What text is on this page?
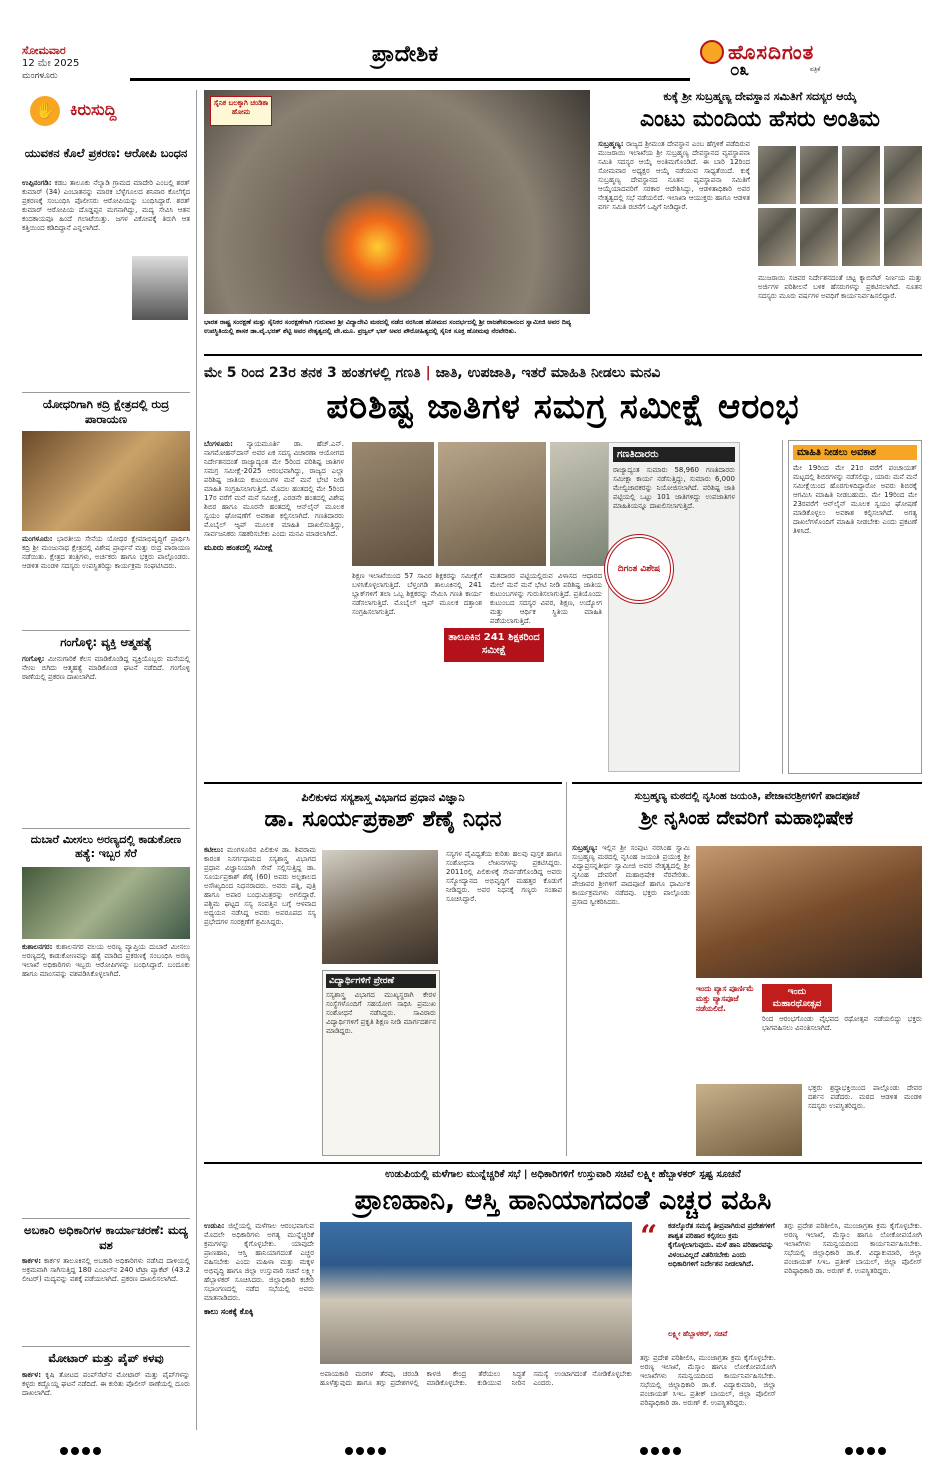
ಸೋಮವಾರ
12 ಮೇ 2025
ಮಂಗಳೂರು
ಪ್ರಾದೇಶಿಕ	ಹೊಸದಿಗಂತ
ಪತ್ರಿಕೆ
೦೩
✋ ಕಿರುಸುದ್ದಿ
ಯುವಕನ ಕೊಲೆ ಪ್ರಕರಣ: ಆರೋಪಿ ಬಂಧನ
ಉಪ್ಪಿನಂಗಡಿ: ಕಡಬ ತಾಲೂಕು ನೆಲ್ಯಾಡಿ ಗ್ರಾಮದ ಮಾದೇರಿ ಎಂಬಲ್ಲಿ ಶರತ್ ಕುಮಾರ್ (34) ಎಂಬಾತನನ್ನು ಮಾರಕ ಬೆಳ್ಳೆಗೂಲದ ಶನಿವಾರ ಕೊಲೆಗೈದ ಪ್ರಕರಣಕ್ಕೆ ಸಂಬಂಧಿಸಿ ಪೊಲೀಸರು ಆರೋಪಿಯನ್ನು ಬಂಧಿಸಿದ್ದಾರೆ. ಶರತ್ ಕುಮಾರ್ ಆರೋಪಿಯ ದೊಡ್ಡಪ್ಪನ ಮಗನಾಗಿದ್ದು, ಮದ್ಯ ಸೇವಿಸಿ ಆತನ ಕಂದಕಾಯವೂ ಹಿಂದೆ ಗಲಾಟೆಯಿತ್ತು. ಜಗಳ ವಿಕೋಪಕ್ಕೆ ತಿರುಗಿ ಆತ ಕತ್ತಿಯಿಂದ ಕಡಿದಿದ್ದಾನೆ ಎನ್ನಲಾಗಿದೆ.
ಯೋಧರಿಗಾಗಿ ಕದ್ರಿ ಕ್ಷೇತ್ರದಲ್ಲಿ ರುದ್ರ ಪಾರಾಯಣ
ಮಂಗಳೂರು: ಭಾರತೀಯ ಸೇನೆಯ ಯೋಧರ ಕ್ಷೇಮಾಭಿವೃದ್ಧಿಗೆ ಪ್ರಾರ್ಥಿಸಿ ಕದ್ರಿ ಶ್ರೀ ಮಂಜುನಾಥ ಕ್ಷೇತ್ರದಲ್ಲಿ ವಿಶೇಷ ಪ್ರಾರ್ಥನೆ ಮತ್ತು ರುದ್ರ ಪಾರಾಯಣ ನಡೆಯಿತು. ಕ್ಷೇತ್ರದ ತಂತ್ರಿಗಳು, ಅರ್ಚಕರು ಹಾಗೂ ಭಕ್ತರು ಪಾಲ್ಗೊಂಡರು. ಆಡಳಿತ ಮಂಡಳಿ ಸದಸ್ಯರು ಉಪಸ್ಥಿತರಿದ್ದು ಕಾರ್ಯಕ್ರಮ ಸಂಘಟಿಸಿದರು.
ಗಂಗೊಳ್ಳಿ: ವ್ಯಕ್ತಿ ಆತ್ಮಹತ್ಯೆ
ಗಂಗೊಳ್ಳಿ: ಮೀನುಗಾರಿಕೆ ಕೆಲಸ ಮಾಡಿಕೊಂಡಿದ್ದ ವ್ಯಕ್ತಿಯೊಬ್ಬರು ಮನೆಯಲ್ಲಿ ನೇಣು ಬಿಗಿದು ಆತ್ಮಹತ್ಯೆ ಮಾಡಿಕೊಂಡ ಘಟನೆ ನಡೆದಿದೆ. ಗಂಗೊಳ್ಳಿ ಠಾಣೆಯಲ್ಲಿ ಪ್ರಕರಣ ದಾಖಲಾಗಿದೆ.
ದುಬಾರೆ ಮೀಸಲು ಅರಣ್ಯದಲ್ಲಿ ಕಾಡುಕೋಣ ಹತ್ಯೆ: ಇಬ್ಬರ ಸೆರೆ
ಕುಶಾಲನಗರ: ಕುಶಾಲನಗರ ವಲಯ ಅರಣ್ಯ ವ್ಯಾಪ್ತಿಯ ದುಬಾರೆ ಮೀಸಲು ಅರಣ್ಯದಲ್ಲಿ ಕಾಡುಕೋಣವನ್ನು ಹತ್ಯೆ ಮಾಡಿದ ಪ್ರಕರಣಕ್ಕೆ ಸಂಬಂಧಿಸಿ ಅರಣ್ಯ ಇಲಾಖೆ ಅಧಿಕಾರಿಗಳು ಇಬ್ಬರು ಆರೋಪಿಗಳನ್ನು ಬಂಧಿಸಿದ್ದಾರೆ. ಬಂದೂಕು ಹಾಗೂ ಮಾಂಸವನ್ನು ವಶಪಡಿಸಿಕೊಳ್ಳಲಾಗಿದೆ.
ಅಬಕಾರಿ ಅಧಿಕಾರಿಗಳ ಕಾರ್ಯಾಚರಣೆ: ಮದ್ಯ ವಶ
ಕಾರ್ಕಳ: ಕಾರ್ಕಳ ತಾಲೂಕಿನಲ್ಲಿ ಅಬಕಾರಿ ಅಧಿಕಾರಿಗಳು ನಡೆಸಿದ ದಾಳಿಯಲ್ಲಿ ಅಕ್ರಮವಾಗಿ ಸಾಗಿಸುತ್ತಿದ್ದ 180 ಎಂಎಲ್‌ನ 240 ಟೆಟ್ರಾ ಪ್ಯಾಕೆಟ್ (43.2 ಲೀಟರ್) ಮದ್ಯವನ್ನು ವಶಕ್ಕೆ ಪಡೆಯಲಾಗಿದೆ. ಪ್ರಕರಣ ದಾಖಲಿಸಲಾಗಿದೆ.
ಮೋಟಾರ್ ಮತ್ತು ಪೈಪ್ ಕಳವು
ಕಾರ್ಕಳ: ಕೃಷಿ ತೋಟದ ಪಂಪ್‌ಸೆಟ್‌ನ ಮೋಟಾರ್ ಮತ್ತು ಪೈಪ್‌ಗಳನ್ನು ಕಳ್ಳರು ಕದ್ದೊಯ್ದ ಘಟನೆ ನಡೆದಿದೆ. ಈ ಕುರಿತು ಪೊಲೀಸ್ ಠಾಣೆಯಲ್ಲಿ ದೂರು ದಾಖಲಾಗಿದೆ.
ಸೈನಿಕ ಬಲಕ್ಕಾಗಿ ಚಂಡಿಕಾ ಹೋಮ
ಭಾರತ ರಾಷ್ಟ್ರ ಸಂರಕ್ಷಣೆ ಮತ್ತು ಸೈನಿಕರ ಸಂರಕ್ಷಣೆಗಾಗಿ ಗುರುವಾರ ಶ್ರೀ ವಿದ್ಯಾದೇವಿ ಮಠದಲ್ಲಿ ನಡೆದ ನರಸಿಂಹ ಹೋಮದ ಸಂದರ್ಭದಲ್ಲಿ ಶ್ರೀ ರಾಜಶೇಖರಾನಂದ ಸ್ವಾಮೀಜಿ ಅವರ ದಿವ್ಯ ಉಪಸ್ಥಿತಿಯಲ್ಲಿ ಶಾಸಕ ಡಾ.ವೈ.ಭರತ್ ಶೆಟ್ಟಿ ಅವರ ನೇತೃತ್ವದಲ್ಲಿ ವೇ.ಮೂ. ಪ್ರಜ್ವಲ್ ಭಟ್ ಅವರ ಪೌರೋಹಿತ್ಯದಲ್ಲಿ ಸೈನಿಕ ಸೂಕ್ತ ಹೋಮವು ನೆರವೇರಿತು.
ಕುಕ್ಕೆ ಶ್ರೀ ಸುಬ್ರಹ್ಮಣ್ಯ ದೇವಸ್ಥಾನ ಸಮಿತಿಗೆ ಸದಸ್ಯರ ಆಯ್ಕೆ
ಎಂಟು ಮಂದಿಯ ಹೆಸರು ಅಂತಿಮ
ಸುಬ್ರಹ್ಮಣ್ಯ: ರಾಜ್ಯದ ಶ್ರೀಮಂತ ದೇವಸ್ಥಾನ ಎಂಬ ಹೆಗ್ಗಳಿಕೆ ಪಡೆದಿರುವ ಮುಜರಾಯಿ ಇಲಾಖೆಯ ಶ್ರೀ ಸುಬ್ರಹ್ಮಣ್ಯ ದೇವಸ್ಥಾನದ ವ್ಯವಸ್ಥಾಪನಾ ಸಮಿತಿ ಸದಸ್ಯರ ಆಯ್ಕೆ ಅಂತಿಮಗೊಂಡಿದೆ. ಈ ಬಾರಿ 12ರಿಂದ ಸೋಮವಾರ ಅಧ್ಯಕ್ಷರ ಆಯ್ಕೆ ನಡೆಯುವ ಸಾಧ್ಯತೆಯಿದೆ. ಕುಕ್ಕೆ ಸುಬ್ರಹ್ಮಣ್ಯ ದೇವಸ್ಥಾನದ ನೂತನ ವ್ಯವಸ್ಥಾಪನಾ ಸಮಿತಿಗೆ ಆಯ್ಕೆಯಾದವರಿಗೆ ಸರಕಾರ ಆದೇಶಿಸಿದ್ದು, ಆಡಳಿತಾಧಿಕಾರಿ ಅವರ ನೇತೃತ್ವದಲ್ಲಿ ಸಭೆ ನಡೆಯಲಿದೆ. ಇಲಾಖಾ ಆಯುಕ್ತರು ಹಾಗೂ ಆಡಳಿತ ವರ್ಗ ಸಮಿತಿ ರಚನೆಗೆ ಒಪ್ಪಿಗೆ ನೀಡಿದ್ದಾರೆ.
ಮುಜರಾಯಿ ಸಚಿವರ ನಿರ್ದೇಶನದಂತೆ ಚಟ್ಟ ಕ್ಯಾಬಿನೆಟ್ ನಿರ್ಣಯ ಮತ್ತು ಅರ್ಜಿಗಳ ಪರಿಶೀಲನೆ ಬಳಿಕ ಹೆಸರುಗಳನ್ನು ಪ್ರಕಟಿಸಲಾಗಿದೆ. ನೂತನ ಸದಸ್ಯರು ಮೂರು ವರ್ಷಗಳ ಅವಧಿಗೆ ಕಾರ್ಯನಿರ್ವಹಿಸಲಿದ್ದಾರೆ.
ಮೇ 5 ರಿಂದ 23ರ ತನಕ 3 ಹಂತಗಳಲ್ಲಿ ಗಣತಿ | ಜಾತಿ, ಉಪಜಾತಿ, ಇತರೆ ಮಾಹಿತಿ ನೀಡಲು ಮನವಿ
ಪರಿಶಿಷ್ಟ ಜಾತಿಗಳ ಸಮಗ್ರ ಸಮೀಕ್ಷೆ ಆರಂಭ
ಬೆಂಗಳೂರು: ನ್ಯಾಯಮೂರ್ತಿ ಡಾ. ಹೆಚ್.ಎನ್. ನಾಗಮೋಹನ್‌ದಾಸ್ ಅವರ ಏಕ ಸದಸ್ಯ ವಿಚಾರಣಾ ಆಯೋಗದ ನಿರ್ದೇಶನದಂತೆ ರಾಜ್ಯಾದ್ಯಂತ ಮೇ 5ರಿಂದ ಪರಿಶಿಷ್ಟ ಜಾತಿಗಳ ಸಮಗ್ರ ಸಮೀಕ್ಷೆ-2025 ಆರಂಭವಾಗಿದ್ದು, ರಾಜ್ಯದ ಎಲ್ಲಾ ಪರಿಶಿಷ್ಟ ಜಾತಿಯ ಕುಟುಂಬಗಳ ಮನೆ ಮನೆ ಭೇಟಿ ನೀಡಿ ಮಾಹಿತಿ ಸಂಗ್ರಹಿಸಲಾಗುತ್ತಿದೆ. ಮೊದಲ ಹಂತದಲ್ಲಿ ಮೇ 5ರಿಂದ 17ರ ವರೆಗೆ ಮನೆ ಮನೆ ಸಮೀಕ್ಷೆ, ಎರಡನೇ ಹಂತದಲ್ಲಿ ವಿಶೇಷ ಶಿಬಿರ ಹಾಗೂ ಮೂರನೇ ಹಂತದಲ್ಲಿ ಆನ್‌ಲೈನ್ ಮೂಲಕ ಸ್ವಯಂ ಘೋಷಣೆಗೆ ಅವಕಾಶ ಕಲ್ಪಿಸಲಾಗಿದೆ. ಗಣತಿದಾರರು ಮೊಬೈಲ್ ಆ್ಯಪ್ ಮೂಲಕ ಮಾಹಿತಿ ದಾಖಲಿಸುತ್ತಿದ್ದು, ಸಾರ್ವಜನಿಕರು ಸಹಕರಿಸಬೇಕು ಎಂದು ಮನವಿ ಮಾಡಲಾಗಿದೆ.
ಮೂರು ಹಂತದಲ್ಲಿ ಸಮೀಕ್ಷೆ
ಶಿಕ್ಷಣ ಇಲಾಖೆಯಿಂದ 57 ಸಾವಿರ ಶಿಕ್ಷಕರನ್ನು ಸಮೀಕ್ಷೆಗೆ ಬಳಸಿಕೊಳ್ಳಲಾಗುತ್ತಿದೆ. ಬೆಳ್ತಂಗಡಿ ತಾಲೂಕಿನಲ್ಲಿ 241 ಬ್ಲಾಕ್‌ಗಳಿಗೆ ತಲಾ ಒಬ್ಬ ಶಿಕ್ಷಕರನ್ನು ನೇಮಿಸಿ ಗಣತಿ ಕಾರ್ಯ ನಡೆಸಲಾಗುತ್ತಿದೆ. ಮೊಬೈಲ್ ಆ್ಯಪ್ ಮೂಲಕ ದತ್ತಾಂಶ ಸಂಗ್ರಹಿಸಲಾಗುತ್ತಿದೆ.
ತಾಲೂಕಿನ 241 ಶಿಕ್ಷಕರಿಂದ ಸಮೀಕ್ಷೆ
ಮತದಾರರ ಪಟ್ಟಿಯಲ್ಲಿರುವ ವಿಳಾಸದ ಆಧಾರದ ಮೇಲೆ ಮನೆ ಮನೆ ಭೇಟಿ ನೀಡಿ ಪರಿಶಿಷ್ಟ ಜಾತಿಯ ಕುಟುಂಬಗಳನ್ನು ಗುರುತಿಸಲಾಗುತ್ತಿದೆ. ಪ್ರತಿಯೊಂದು ಕುಟುಂಬದ ಸದಸ್ಯರ ವಿವರ, ಶಿಕ್ಷಣ, ಉದ್ಯೋಗ ಮತ್ತು ಆರ್ಥಿಕ ಸ್ಥಿತಿಯ ಮಾಹಿತಿ ಪಡೆಯಲಾಗುತ್ತಿದೆ.
ಗಣತಿದಾರರು
ರಾಜ್ಯಾದ್ಯಂತ ಸುಮಾರು 58,960 ಗಣತಿದಾರರು ಸಮೀಕ್ಷಾ ಕಾರ್ಯ ನಡೆಸುತ್ತಿದ್ದು, ಸುಮಾರು 6,000 ಮೇಲ್ವಿಚಾರಕರನ್ನು ನಿಯೋಜಿಸಲಾಗಿದೆ. ಪರಿಶಿಷ್ಟ ಜಾತಿ ಪಟ್ಟಿಯಲ್ಲಿ ಒಟ್ಟು 101 ಜಾತಿಗಳಿದ್ದು ಉಪಜಾತಿಗಳ ಮಾಹಿತಿಯನ್ನೂ ದಾಖಲಿಸಲಾಗುತ್ತಿದೆ.
ದಿಗಂತ ವಿಶೇಷ
ಮಾಹಿತಿ ನೀಡಲು ಅವಕಾಶ
ಮೇ 19ರಿಂದ ಮೇ 21ರ ವರೆಗೆ ಪಂಚಾಯತ್ ಮಟ್ಟದಲ್ಲಿ ಶಿಬಿರಗಳನ್ನು ನಡೆಸಲಿದ್ದು, ಯಾರು ಮನೆ ಮನೆ ಸಮೀಕ್ಷೆಯಿಂದ ಹೊರಗುಳಿದಿದ್ದಾರೋ ಅವರು ಶಿಬಿರಕ್ಕೆ ಆಗಮಿಸಿ ಮಾಹಿತಿ ನೀಡಬಹುದು. ಮೇ 19ರಿಂದ ಮೇ 23ರವರೆಗೆ ಆನ್‌ಲೈನ್ ಮೂಲಕ ಸ್ವಯಂ ಘೋಷಣೆ ಮಾಡಿಕೊಳ್ಳಲು ಅವಕಾಶ ಕಲ್ಪಿಸಲಾಗಿದೆ. ಅಗತ್ಯ ದಾಖಲೆಗಳೊಂದಿಗೆ ಮಾಹಿತಿ ನೀಡಬೇಕು ಎಂದು ಪ್ರಕಟಣೆ ತಿಳಿಸಿದೆ.
ಪಿಲಿಕುಳದ ಸಸ್ಯಶಾಸ್ತ್ರ ವಿಭಾಗದ ಪ್ರಧಾನ ವಿಜ್ಞಾನಿ
ಡಾ. ಸೂರ್ಯಪ್ರಕಾಶ್ ಶೆಣೈ ನಿಧನ
ಕಟೀಲು: ಮಂಗಳೂರಿನ ಪಿಲಿಕುಳ ಡಾ. ಶಿವರಾಮ ಕಾರಂತ ನಿಸರ್ಗಧಾಮದ ಸಸ್ಯಶಾಸ್ತ್ರ ವಿಭಾಗದ ಪ್ರಧಾನ ವಿಜ್ಞಾನಿಯಾಗಿ ಸೇವೆ ಸಲ್ಲಿಸುತ್ತಿದ್ದ ಡಾ. ಸೂರ್ಯಪ್ರಕಾಶ್ ಶೆಣೈ (60) ಅವರು ಅಲ್ಪಕಾಲದ ಅಸೌಖ್ಯದಿಂದ ನಿಧನರಾದರು. ಅವರು ಪತ್ನಿ, ಪುತ್ರಿ ಹಾಗೂ ಅಪಾರ ಬಂಧುಮಿತ್ರರನ್ನು ಅಗಲಿದ್ದಾರೆ. ಪಶ್ಚಿಮ ಘಟ್ಟದ ಸಸ್ಯ ಸಂಪತ್ತಿನ ಬಗ್ಗೆ ಆಳವಾದ ಅಧ್ಯಯನ ನಡೆಸಿದ್ದ ಅವರು ಅಪರೂಪದ ಸಸ್ಯ ಪ್ರಭೇದಗಳ ಸಂರಕ್ಷಣೆಗೆ ಶ್ರಮಿಸಿದ್ದರು.
ವಿದ್ಯಾರ್ಥಿಗಳಿಗೆ ಪ್ರೇರಣೆ
ಸಸ್ಯಶಾಸ್ತ್ರ ವಿಭಾಗದ ಮುಖ್ಯಸ್ಥರಾಗಿ ಕೇರಳ ಸಂಸ್ಥೆಗಳೊಂದಿಗೆ ಸಹಯೋಗ ಸಾಧಿಸಿ ಪ್ರಮುಖ ಸಂಶೋಧನೆ ನಡೆಸಿದ್ದರು. ಸಾವಿರಾರು ವಿದ್ಯಾರ್ಥಿಗಳಿಗೆ ಪ್ರಕೃತಿ ಶಿಕ್ಷಣ ನೀಡಿ ಮಾರ್ಗದರ್ಶನ ಮಾಡಿದ್ದರು.
ಸಸ್ಯಗಳ ವೈವಿಧ್ಯತೆಯ ಕುರಿತು ಹಲವು ಪುಸ್ತಕ ಹಾಗೂ ಸಂಶೋಧನಾ ಲೇಖನಗಳನ್ನು ಪ್ರಕಟಿಸಿದ್ದರು. 2011ರಲ್ಲಿ ಪಿಲಿಕುಳಕ್ಕೆ ಸೇರ್ಪಡೆಗೊಂಡಿದ್ದ ಅವರು ಸಸ್ಯೋದ್ಯಾನದ ಅಭಿವೃದ್ಧಿಗೆ ಮಹತ್ತರ ಕೊಡುಗೆ ನೀಡಿದ್ದರು. ಅವರ ನಿಧನಕ್ಕೆ ಗಣ್ಯರು ಸಂತಾಪ ಸೂಚಿಸಿದ್ದಾರೆ.
ಸುಬ್ರಹ್ಮಣ್ಯ ಮಠದಲ್ಲಿ ನೃಸಿಂಹ ಜಯಂತಿ, ಪೇಜಾವರಶ್ರೀಗಳಿಗೆ ಪಾದಪೂಜೆ
ಶ್ರೀ ನೃಸಿಂಹ ದೇವರಿಗೆ ಮಹಾಭಿಷೇಕ
ಸುಬ್ರಹ್ಮಣ್ಯ: ಇಲ್ಲಿನ ಶ್ರೀ ಸಂಪುಟ ನರಸಿಂಹ ಸ್ವಾಮಿ ಸುಬ್ರಹ್ಮಣ್ಯ ಮಠದಲ್ಲಿ ನೃಸಿಂಹ ಜಯಂತಿ ಪ್ರಯುಕ್ತ ಶ್ರೀ ವಿದ್ಯಾಪ್ರಸನ್ನತೀರ್ಥ ಸ್ವಾಮೀಜಿ ಅವರ ನೇತೃತ್ವದಲ್ಲಿ ಶ್ರೀ ನೃಸಿಂಹ ದೇವರಿಗೆ ಮಹಾಭಿಷೇಕ ನೆರವೇರಿತು. ಪೇಜಾವರ ಶ್ರೀಗಳಿಗೆ ಪಾದಪೂಜೆ ಹಾಗೂ ಧಾರ್ಮಿಕ ಕಾರ್ಯಕ್ರಮಗಳು ನಡೆದವು. ಭಕ್ತರು ಪಾಲ್ಗೊಂಡು ಪ್ರಸಾದ ಸ್ವೀಕರಿಸಿದರು.
ಇಂದು ವ್ಯಾಸ ಪೂರ್ಣಿಮೆ ಮತ್ತು ವ್ಯಾಸಪೂಜೆ ನಡೆಯಲಿದೆ.
ಇಂದು ಮಹಾರಥೋತ್ಸವ
ರಿಂದ ಆರಂಭಗೊಂಡು ವೈಭವದ ರಥೋತ್ಸವ ನಡೆಯಲಿದ್ದು ಭಕ್ತರು ಭಾಗವಹಿಸಲು ವಿನಂತಿಸಲಾಗಿದೆ.
ಭಕ್ತರು ಶ್ರದ್ಧಾಭಕ್ತಿಯಿಂದ ಪಾಲ್ಗೊಂಡು ದೇವರ ದರ್ಶನ ಪಡೆದರು. ಮಠದ ಆಡಳಿತ ಮಂಡಳಿ ಸದಸ್ಯರು ಉಪಸ್ಥಿತರಿದ್ದರು.
ಉಡುಪಿಯಲ್ಲಿ ಮಳೆಗಾಲ ಮುನ್ನೆಚ್ಚರಿಕೆ ಸಭೆ | ಅಧಿಕಾರಿಗಳಿಗೆ ಉಸ್ತುವಾರಿ ಸಚಿವೆ ಲಕ್ಷ್ಮೀ ಹೆಬ್ಬಾಳಕರ್ ಸ್ಪಷ್ಟ ಸೂಚನೆ
ಪ್ರಾಣಹಾನಿ, ಆಸ್ತಿ ಹಾನಿಯಾಗದಂತೆ ಎಚ್ಚರ ವಹಿಸಿ
ಉಡುಪಿ: ಜಿಲ್ಲೆಯಲ್ಲಿ ಮಳೆಗಾಲ ಆರಂಭವಾಗುವ ಮೊದಲೇ ಅಧಿಕಾರಿಗಳು ಅಗತ್ಯ ಮುನ್ನೆಚ್ಚರಿಕೆ ಕ್ರಮಗಳನ್ನು ಕೈಗೊಳ್ಳಬೇಕು. ಯಾವುದೇ ಪ್ರಾಣಹಾನಿ, ಆಸ್ತಿ ಹಾನಿಯಾಗದಂತೆ ಎಚ್ಚರ ವಹಿಸಬೇಕು ಎಂದು ಮಹಿಳಾ ಮತ್ತು ಮಕ್ಕಳ ಅಭಿವೃದ್ಧಿ ಹಾಗೂ ಜಿಲ್ಲಾ ಉಸ್ತುವಾರಿ ಸಚಿವೆ ಲಕ್ಷ್ಮೀ ಹೆಬ್ಬಾಳಕರ್ ಸೂಚಿಸಿದರು. ಜಿಲ್ಲಾಧಿಕಾರಿ ಕಚೇರಿ ಸಭಾಂಗಣದಲ್ಲಿ ನಡೆದ ಸಭೆಯಲ್ಲಿ ಅವರು ಮಾತನಾಡಿದರು.
ಕಾಲು ಸಂಕಕ್ಕೆ ಕೊಕ್ಕಿ
ಅಪಾಯಕಾರಿ ಮರಗಳ ತೆರವು, ಚರಂಡಿ ಹೂಳೆತ್ತುವುದು ಹಾಗೂ ತಗ್ಗು ಪ್ರದೇಶಗಳಲ್ಲಿ ಕಾಳಜಿ ಕೇಂದ್ರ ತೆರೆಯಲು ಸಿದ್ಧತೆ ಮಾಡಿಕೊಳ್ಳಬೇಕು. ಕುಡಿಯುವ ನೀರಿನ ಸಮಸ್ಯೆ ಉಂಟಾಗದಂತೆ ನೋಡಿಕೊಳ್ಳಬೇಕು ಎಂದರು.
“	ಕಡಲ್ಕೊರೆತ ಸಮಸ್ಯೆ ತೀವ್ರವಾಗಿರುವ ಪ್ರದೇಶಗಳಿಗೆ ಶಾಶ್ವತ ಪರಿಹಾರ ಕಲ್ಪಿಸಲು ಕ್ರಮ ಕೈಗೊಳ್ಳಲಾಗುವುದು. ಮಳೆ ಹಾನಿ ಪರಿಹಾರವನ್ನು ವಿಳಂಬವಿಲ್ಲದೆ ವಿತರಿಸಬೇಕು ಎಂದು ಅಧಿಕಾರಿಗಳಿಗೆ ನಿರ್ದೇಶನ ನೀಡಲಾಗಿದೆ.
ಲಕ್ಷ್ಮೀ ಹೆಬ್ಬಾಳಕರ್, ಸಚಿವೆ
ತಗ್ಗು ಪ್ರದೇಶ ಪರಿಶೀಲಿಸಿ, ಮುಂಜಾಗ್ರತಾ ಕ್ರಮ ಕೈಗೊಳ್ಳಬೇಕು. ಅರಣ್ಯ ಇಲಾಖೆ, ಮೆಸ್ಕಾಂ ಹಾಗೂ ಲೋಕೋಪಯೋಗಿ ಇಲಾಖೆಗಳು ಸಮನ್ವಯದಿಂದ ಕಾರ್ಯನಿರ್ವಹಿಸಬೇಕು. ಸಭೆಯಲ್ಲಿ ಜಿಲ್ಲಾಧಿಕಾರಿ ಡಾ.ಕೆ. ವಿದ್ಯಾಕುಮಾರಿ, ಜಿಲ್ಲಾ ಪಂಚಾಯತ್ ಸಿಇಒ ಪ್ರತೀಕ್ ಬಾಯಲ್, ಜಿಲ್ಲಾ ಪೊಲೀಸ್ ವರಿಷ್ಠಾಧಿಕಾರಿ ಡಾ. ಅರುಣ್ ಕೆ. ಉಪಸ್ಥಿತರಿದ್ದರು.
ತಗ್ಗು ಪ್ರದೇಶ ಪರಿಶೀಲಿಸಿ, ಮುಂಜಾಗ್ರತಾ ಕ್ರಮ ಕೈಗೊಳ್ಳಬೇಕು. ಅರಣ್ಯ ಇಲಾಖೆ, ಮೆಸ್ಕಾಂ ಹಾಗೂ ಲೋಕೋಪಯೋಗಿ ಇಲಾಖೆಗಳು ಸಮನ್ವಯದಿಂದ ಕಾರ್ಯನಿರ್ವಹಿಸಬೇಕು. ಸಭೆಯಲ್ಲಿ ಜಿಲ್ಲಾಧಿಕಾರಿ ಡಾ.ಕೆ. ವಿದ್ಯಾಕುಮಾರಿ, ಜಿಲ್ಲಾ ಪಂಚಾಯತ್ ಸಿಇಒ ಪ್ರತೀಕ್ ಬಾಯಲ್, ಜಿಲ್ಲಾ ಪೊಲೀಸ್ ವರಿಷ್ಠಾಧಿಕಾರಿ ಡಾ. ಅರುಣ್ ಕೆ. ಉಪಸ್ಥಿತರಿದ್ದರು.
